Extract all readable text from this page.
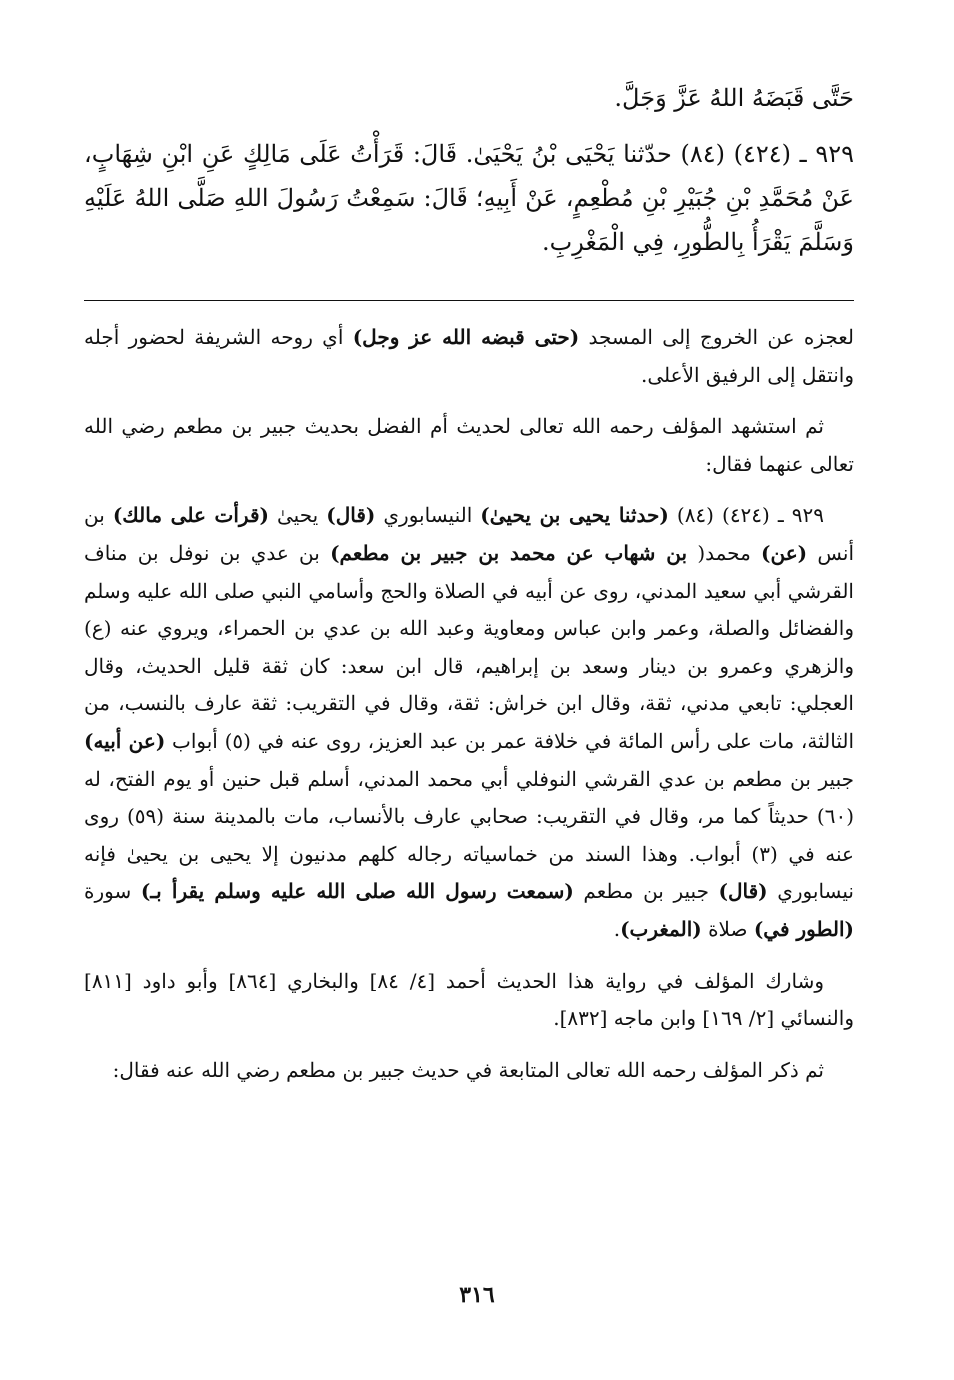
حَتَّى قَبَضَهُ اللهُ عَزَّ وَجَلَّ.

٩٢٩ ـ (٤٢٤) (٨٤) حدّثنا يَحْيَى بْنُ يَحْيَىٰ. قَالَ: قَرَأْتُ عَلَى مَالِكٍ عَنِ ابْنِ شِهَابٍ، عَنْ مُحَمَّدِ بْنِ جُبَيْرِ بْنِ مُطْعِمٍ، عَنْ أَبِيهِ؛ قَالَ: سَمِعْتُ رَسُولَ اللهِ صَلَّى اللهُ عَلَيْهِ وَسَلَّمَ يَقْرَأُ بِالطُّورِ، فِي الْمَغْرِبِ.

لعجزه عن الخروج إلى المسجد (حتى قبضه الله عز وجل) أي روحه الشريفة لحضور أجله وانتقل إلى الرفيق الأعلى.

ثم استشهد المؤلف رحمه الله تعالى لحديث أم الفضل بحديث جبير بن مطعم رضي الله تعالى عنهما فقال:

٩٢٩ ـ (٤٢٤) (٨٤) (حدثنا يحيى بن يحيىٰ) النيسابوري (قال) يحيىٰ (قرأت على مالك) بن أنس (عن) محمد( بن شهاب عن محمد بن جبير بن مطعم) بن عدي بن نوفل بن مناف القرشي أبي سعيد المدني، روى عن أبيه في الصلاة والحج وأسامي النبي صلى الله عليه وسلم والفضائل والصلة، وعمر وابن عباس ومعاوية وعبد الله بن عدي بن الحمراء، ويروي عنه (ع) والزهري وعمرو بن دينار وسعد بن إبراهيم، قال ابن سعد: كان ثقة قليل الحديث، وقال العجلي: تابعي مدني، ثقة، وقال ابن خراش: ثقة، وقال في التقريب: ثقة عارف بالنسب، من الثالثة، مات على رأس المائة في خلافة عمر بن عبد العزيز، روى عنه في (٥) أبواب (عن أبيه) جبير بن مطعم بن عدي القرشي النوفلي أبي محمد المدني، أسلم قبل حنين أو يوم الفتح، له (٦٠) حديثاً كما مر، وقال في التقريب: صحابي عارف بالأنساب، مات بالمدينة سنة (٥٩) روى عنه في (٣) أبواب. وهذا السند من خماسياته رجاله كلهم مدنيون إلا يحيى بن يحيىٰ فإنه نيسابوري (قال) جبير بن مطعم (سمعت رسول الله صلى الله عليه وسلم يقرأ بـ) سورة (الطور في) صلاة (المغرب).

وشارك المؤلف في رواية هذا الحديث أحمد [٤/ ٨٤] والبخاري [٨٦٤] وأبو داود [٨١١] والنسائي [٢/ ١٦٩] وابن ماجه [٨٣٢].

ثم ذكر المؤلف رحمه الله تعالى المتابعة في حديث جبير بن مطعم رضي الله عنه فقال:

٣١٦
